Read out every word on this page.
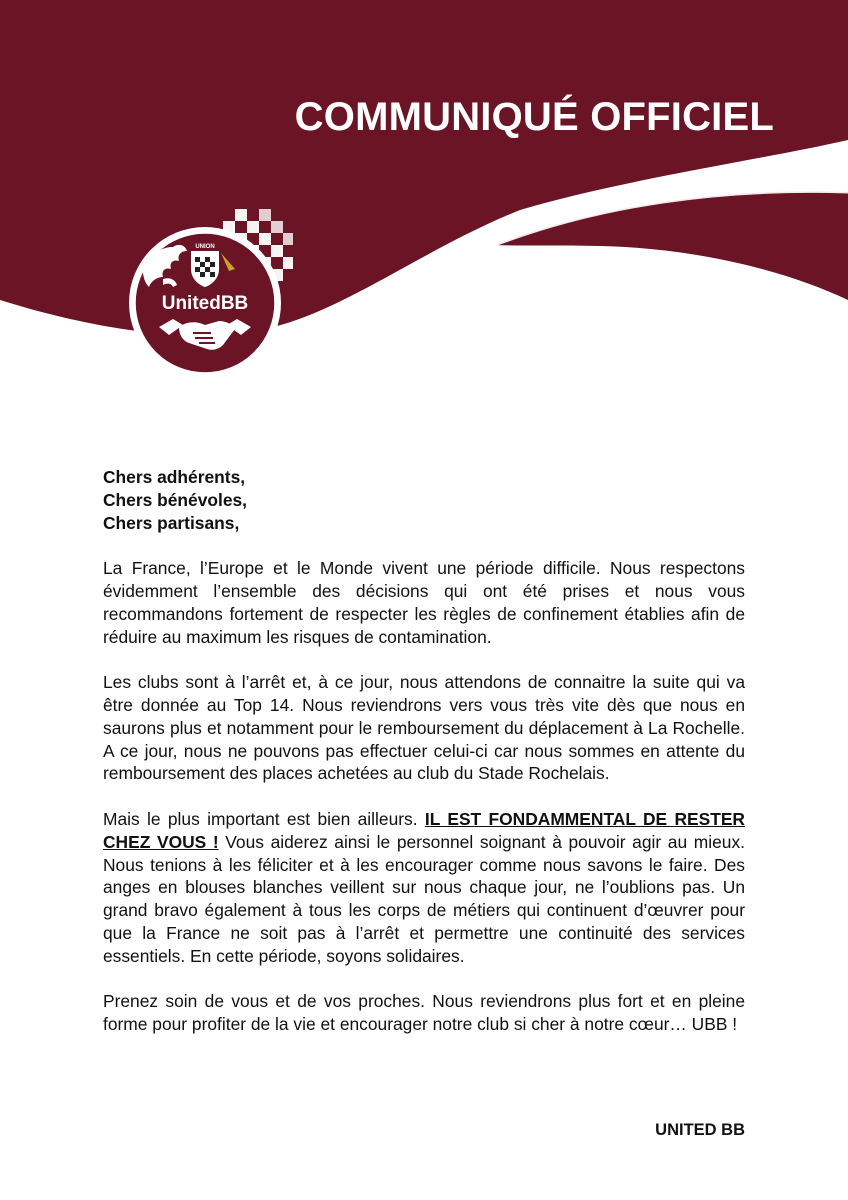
COMMUNIQUÉ OFFICIEL
UNION
UnitedBB

Chers adhérents,

Chers bénévoles,

Chers partisans,

La France, l’Europe et le Monde vivent une période difficile. Nous respectons évidemment l’ensemble des décisions qui ont été prises et nous vous recommandons fortement de respecter les règles de confinement établies afin de réduire au maximum les risques de contamination.

Les clubs sont à l’arrêt et, à ce jour, nous attendons de connaitre la suite qui va être donnée au Top 14. Nous reviendrons vers vous très vite dès que nous en saurons plus et notamment pour le remboursement du déplacement à La Rochelle. A ce jour, nous ne pouvons pas effectuer celui-ci car nous sommes en attente du remboursement des places achetées au club du Stade Rochelais.

Mais le plus important est bien ailleurs. IL EST FONDAMMENTAL DE RESTER CHEZ VOUS ! Vous aiderez ainsi le personnel soignant à pouvoir agir au mieux. Nous tenions à les féliciter et à les encourager comme nous savons le faire. Des anges en blouses blanches veillent sur nous chaque jour, ne l’oublions pas. Un grand bravo également à tous les corps de métiers qui continuent d’œuvrer pour que la France ne soit pas à l’arrêt et permettre une continuité des services essentiels. En cette période, soyons solidaires.

Prenez soin de vous et de vos proches. Nous reviendrons plus fort et en pleine forme pour profiter de la vie et encourager notre club si cher à notre cœur… UBB !

UNITED BB
